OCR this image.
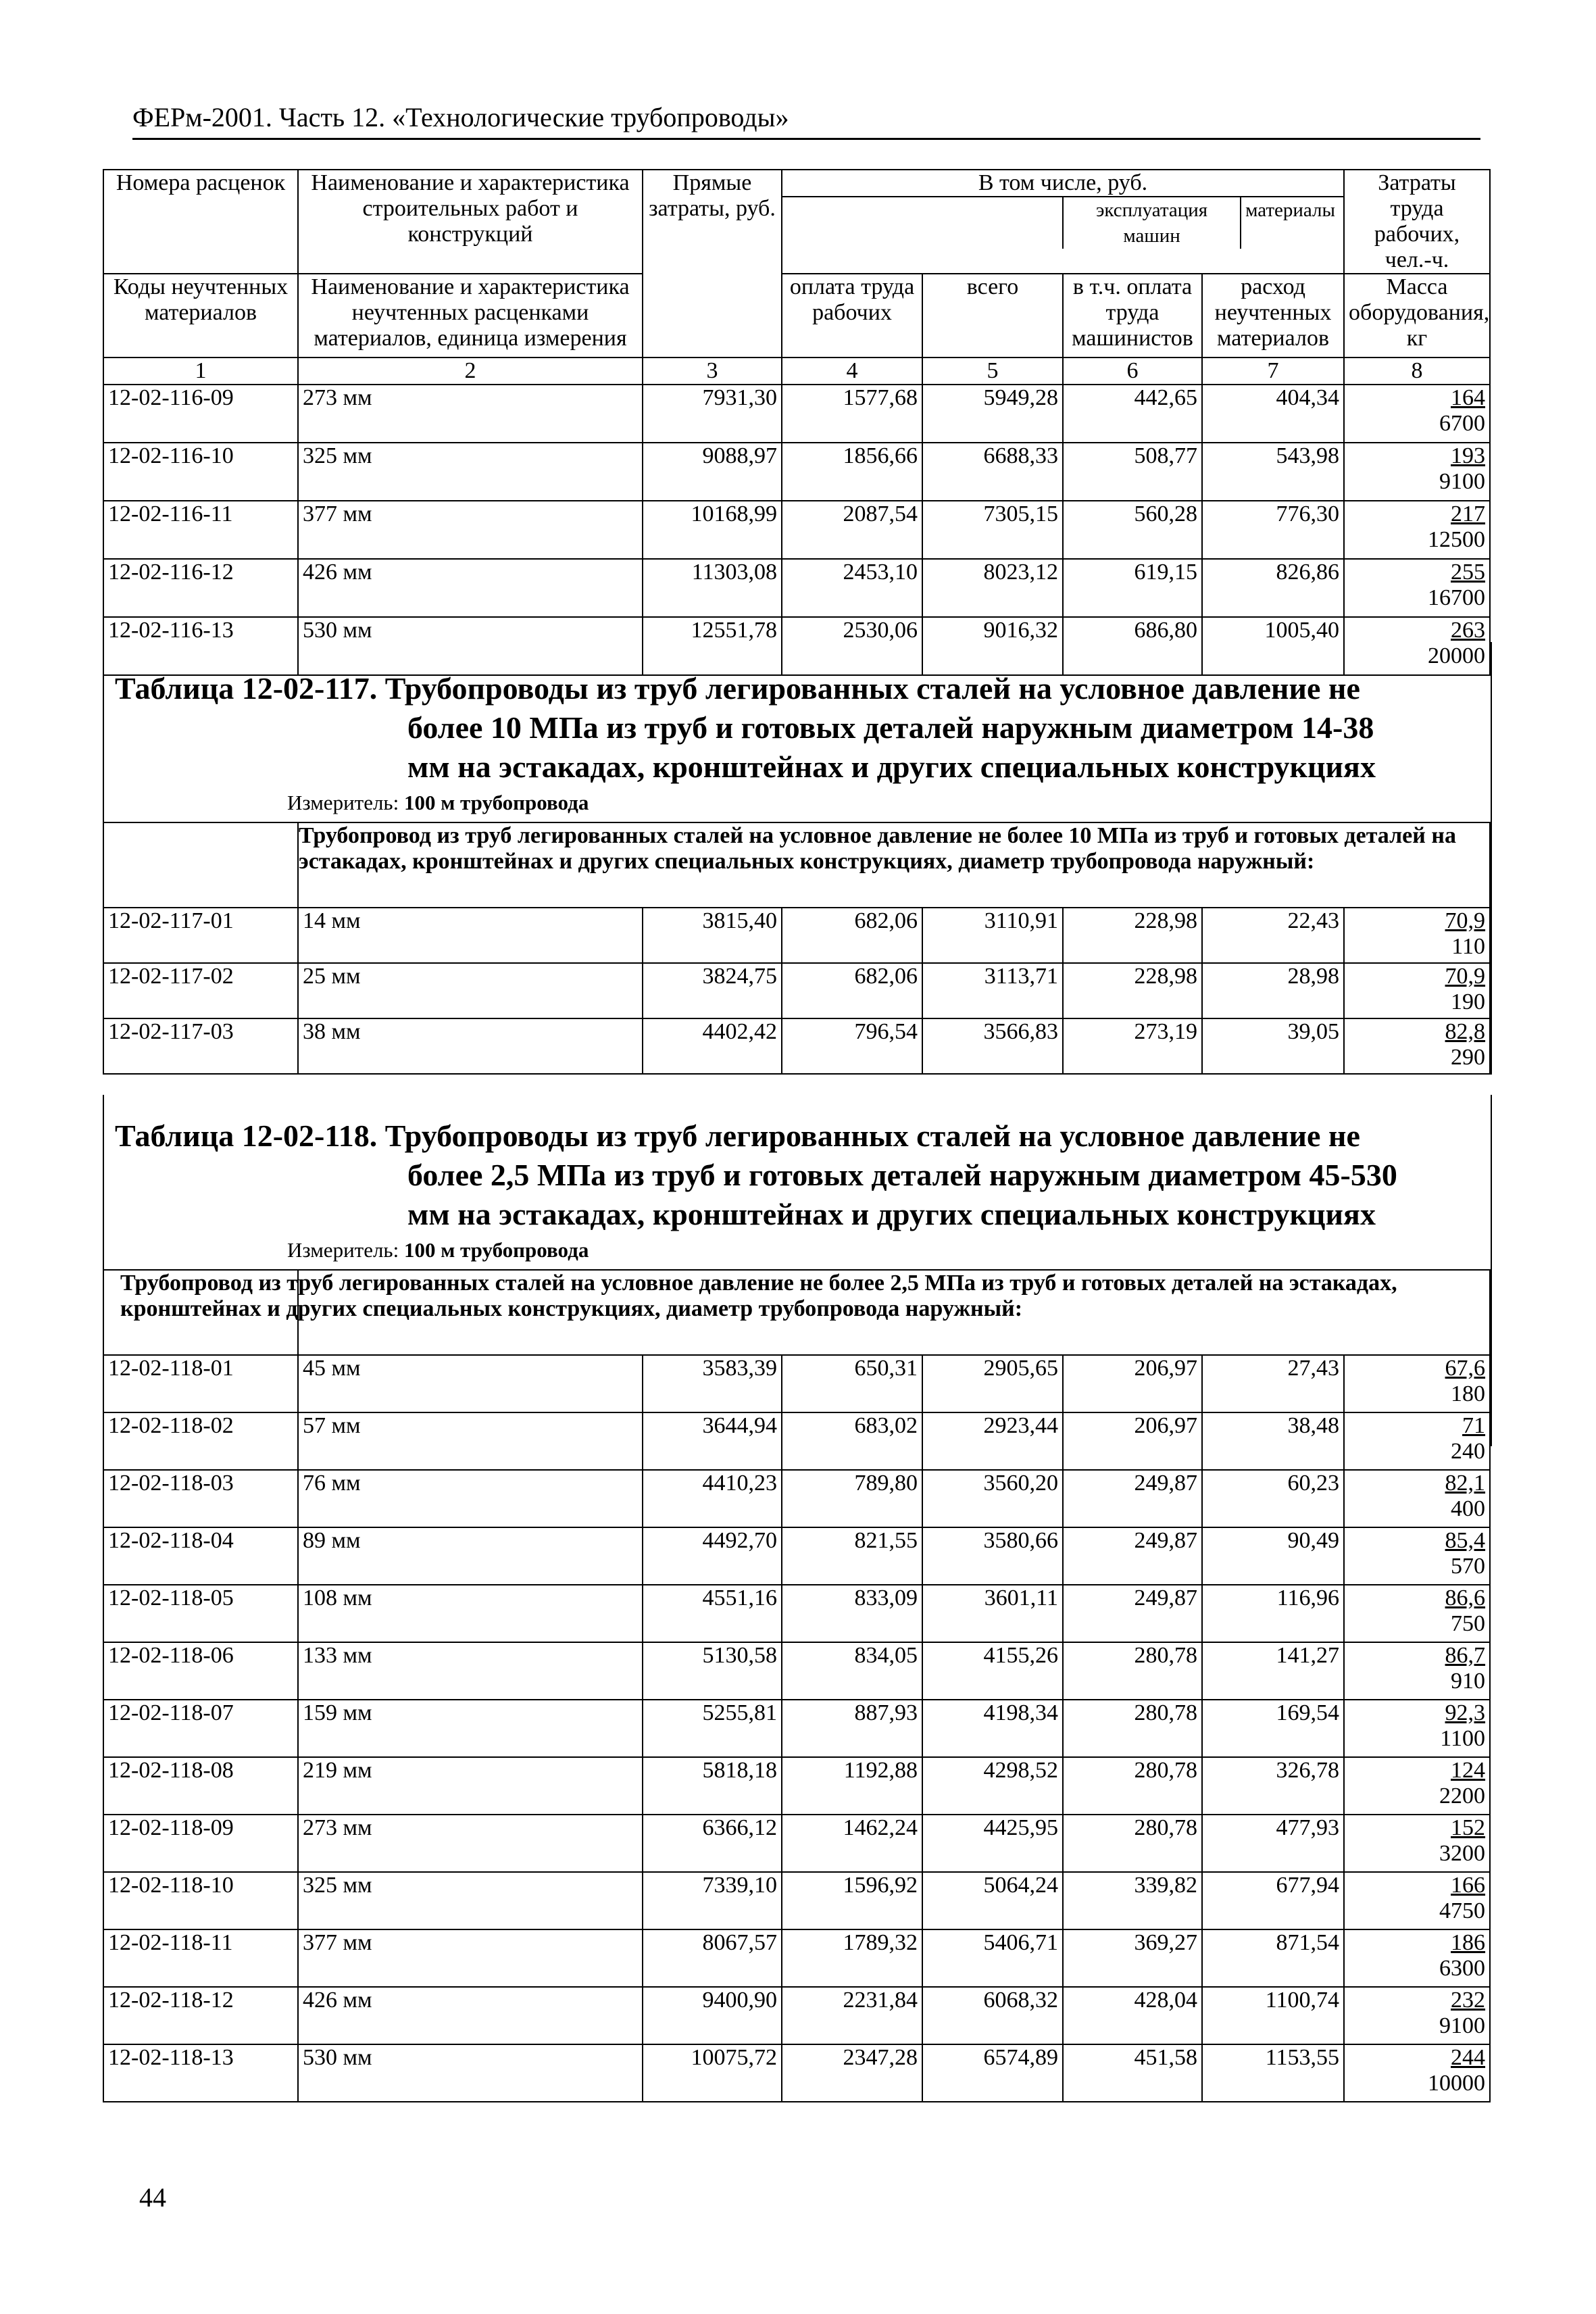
ФЕРм-2001. Часть 12. «Технологические трубопроводы»
Номера расценок	Наименование и характеристика строительных работ и конструкций	Прямые затраты, руб.	
В том числе, руб.
	эксплуатация машин	материалы
	Затраты труда рабочих, чел.-ч.
Коды неучтенных материалов	Наименование и характеристика неучтенных расценками материалов, единица измерения	оплата труда рабочих	всего	в т.ч. оплата труда машинистов	расход неучтенных материалов	Масса оборудования, кг
1	2	3	4	5	6	7	8
12-02-116-09	273 мм	7931,30	1577,68	5949,28	442,65	404,34	164
6700

12-02-116-10	325 мм	9088,97	1856,66	6688,33	508,77	543,98	193
9100

12-02-116-11	377 мм	10168,99	2087,54	7305,15	560,28	776,30	217
12500

12-02-116-12	426 мм	11303,08	2453,10	8023,12	619,15	826,86	255
16700

12-02-116-13	530 мм	12551,78	2530,06	9016,32	686,80	1005,40	263
20000
Таблица 12-02-117. Трубопроводы из труб легированных сталей на условное давление не
более 10 МПа из труб и готовых деталей наружным диаметром 14-38
мм на эстакадах, кронштейнах и других специальных конструкциях
Измеритель: 100 м трубопровода

	Трубопровод из труб легированных сталей на условное давление не более 10 МПа из труб и готовых деталей на эстакадах, кронштейнах и других специальных конструкциях, диаметр трубопровода наружный:						

12-02-117-01	14 мм	3815,40	682,06	3110,91	228,98	22,43	70,9
110

12-02-117-02	25 мм	3824,75	682,06	3113,71	228,98	28,98	70,9
190

12-02-117-03	38 мм	4402,42	796,54	3566,83	273,19	39,05	82,8
290
Таблица 12-02-118. Трубопроводы из труб легированных сталей на условное давление не
более 2,5 МПа из труб и готовых деталей наружным диаметром 45-530
мм на эстакадах, кронштейнах и других специальных конструкциях
Измеритель: 100 м трубопровода

	Трубопровод из труб легированных сталей на условное давление не более 2,5 МПа из труб и готовых деталей на эстакадах, кронштейнах и других специальных конструкциях, диаметр трубопровода наружный:						

12-02-118-01	45 мм	3583,39	650,31	2905,65	206,97	27,43	67,6
180

12-02-118-02	57 мм	3644,94	683,02	2923,44	206,97	38,48	71
240

12-02-118-03	76 мм	4410,23	789,80	3560,20	249,87	60,23	82,1
400

12-02-118-04	89 мм	4492,70	821,55	3580,66	249,87	90,49	85,4
570

12-02-118-05	108 мм	4551,16	833,09	3601,11	249,87	116,96	86,6
750

12-02-118-06	133 мм	5130,58	834,05	4155,26	280,78	141,27	86,7
910

12-02-118-07	159 мм	5255,81	887,93	4198,34	280,78	169,54	92,3
1100

12-02-118-08	219 мм	5818,18	1192,88	4298,52	280,78	326,78	124
2200

12-02-118-09	273 мм	6366,12	1462,24	4425,95	280,78	477,93	152
3200

12-02-118-10	325 мм	7339,10	1596,92	5064,24	339,82	677,94	166
4750

12-02-118-11	377 мм	8067,57	1789,32	5406,71	369,27	871,54	186
6300

12-02-118-12	426 мм	9400,90	2231,84	6068,32	428,04	1100,74	232
9100

12-02-118-13	530 мм	10075,72	2347,28	6574,89	451,58	1153,55	244
10000
44
